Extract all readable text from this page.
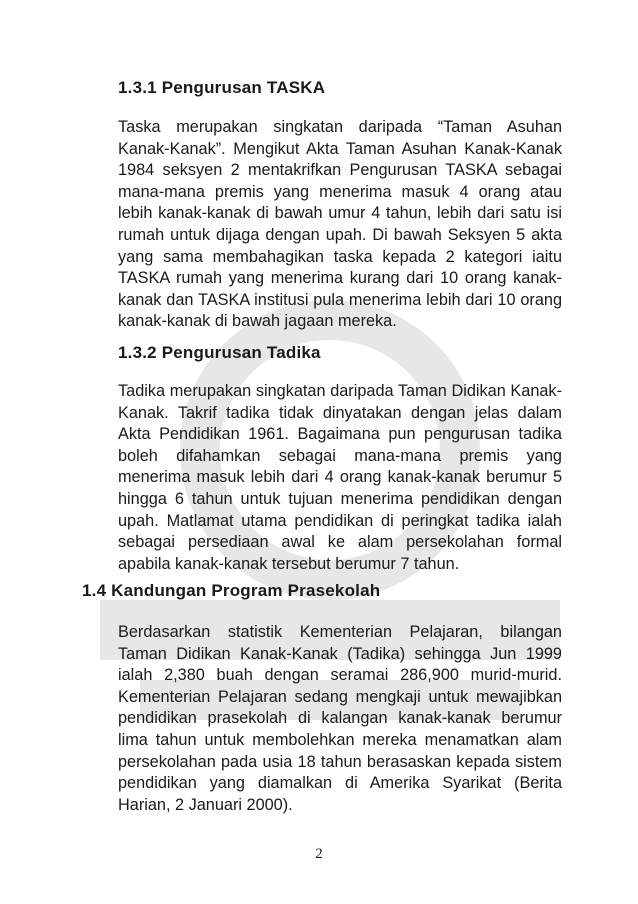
1.3.1 Pengurusan TASKA

Taska merupakan singkatan daripada “Taman Asuhan Kanak-Kanak”. Mengikut Akta Taman Asuhan Kanak-Kanak 1984 seksyen 2 mentakrifkan Pengurusan TASKA sebagai mana-mana premis yang menerima masuk 4 orang atau lebih kanak-kanak di bawah umur 4 tahun, lebih dari satu isi rumah untuk dijaga dengan upah. Di bawah Seksyen 5 akta yang sama membahagikan taska kepada 2 kategori iaitu TASKA rumah yang menerima kurang dari 10 orang kanak-kanak dan TASKA institusi pula menerima lebih dari 10 orang kanak-kanak di bawah jagaan mereka.

1.3.2 Pengurusan Tadika

Tadika merupakan singkatan daripada Taman Didikan Kanak-Kanak. Takrif tadika tidak dinyatakan dengan jelas dalam Akta Pendidikan 1961. Bagaimana pun pengurusan tadika boleh difahamkan sebagai mana-mana premis yang menerima masuk lebih dari 4 orang kanak-kanak berumur 5 hingga 6 tahun untuk tujuan menerima pendidikan dengan upah. Matlamat utama pendidikan di peringkat tadika ialah sebagai persediaan awal ke alam persekolahan formal apabila kanak-kanak tersebut berumur 7 tahun.

1.4 Kandungan Program Prasekolah

Berdasarkan statistik Kementerian Pelajaran, bilangan Taman Didikan Kanak-Kanak (Tadika) sehingga Jun 1999 ialah 2,380 buah dengan seramai 286,900 murid-murid. Kementerian Pelajaran sedang mengkaji untuk mewajibkan pendidikan prasekolah di kalangan kanak-kanak berumur lima tahun untuk membolehkan mereka menamatkan alam persekolahan pada usia 18 tahun berasaskan kepada sistem pendidikan yang diamalkan di Amerika Syarikat (Berita Harian, 2 Januari 2000).

2
